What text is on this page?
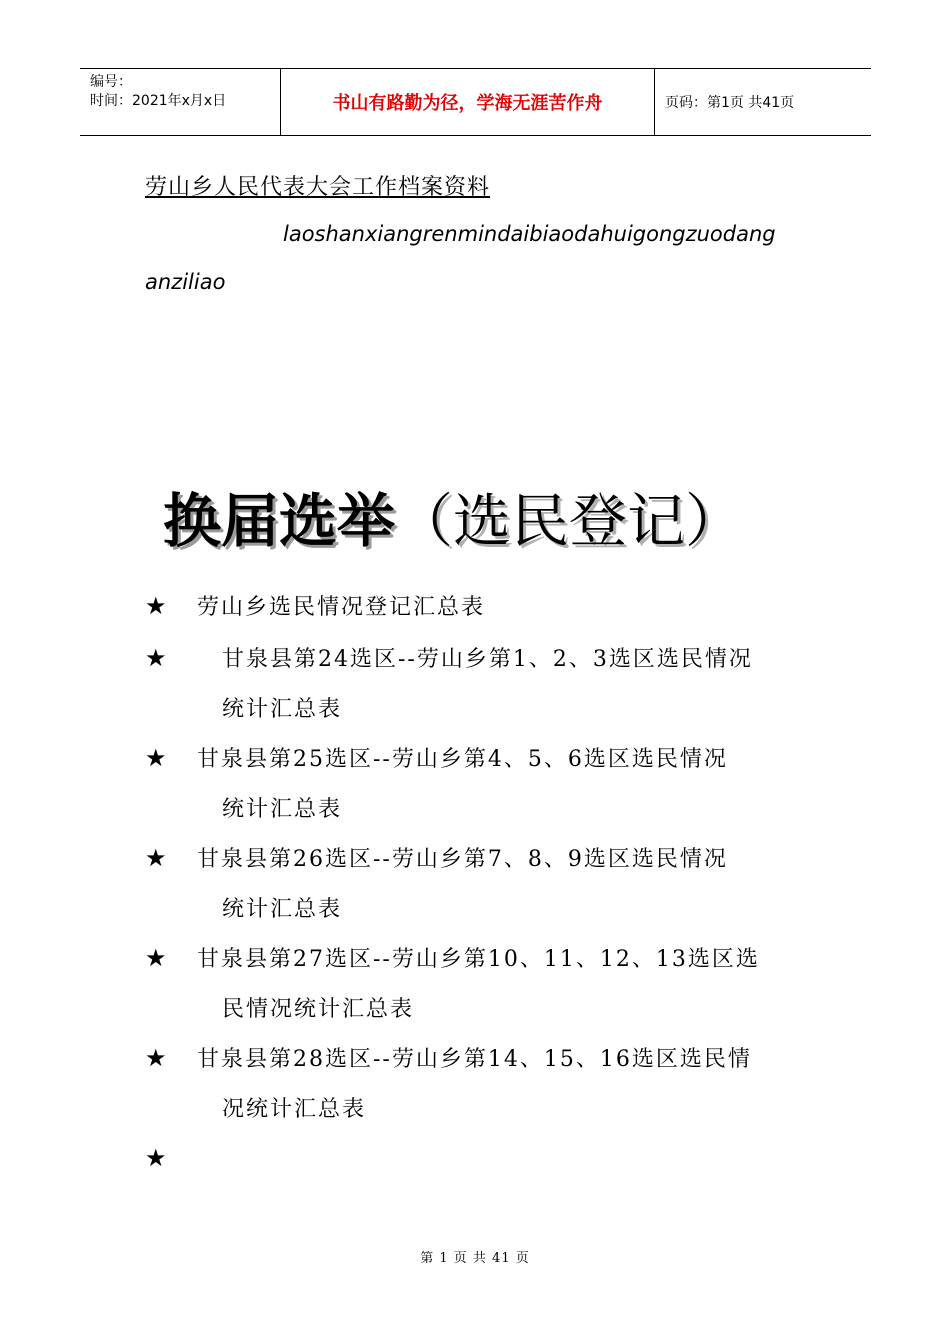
编号：
时间：2021年x月x日	书山有路勤为径，学海无涯苦作舟	页码：第1页 共41页
劳山乡人民代表大会工作档案资料
laoshanxiangrenmindaibiaodahuigongzuodang
anziliao
换届选举（选民登记）
★ 劳山乡选民情况登记汇总表
★ 甘泉县第24选区--劳山乡第1、2、3选区选民情况
统计汇总表
★ 甘泉县第25选区--劳山乡第4、5、6选区选民情况
统计汇总表
★ 甘泉县第26选区--劳山乡第7、8、9选区选民情况
统计汇总表
★ 甘泉县第27选区--劳山乡第10、11、12、13选区选
民情况统计汇总表
★ 甘泉县第28选区--劳山乡第14、15、16选区选民情
况统计汇总表
★
第 1 页 共 41 页
